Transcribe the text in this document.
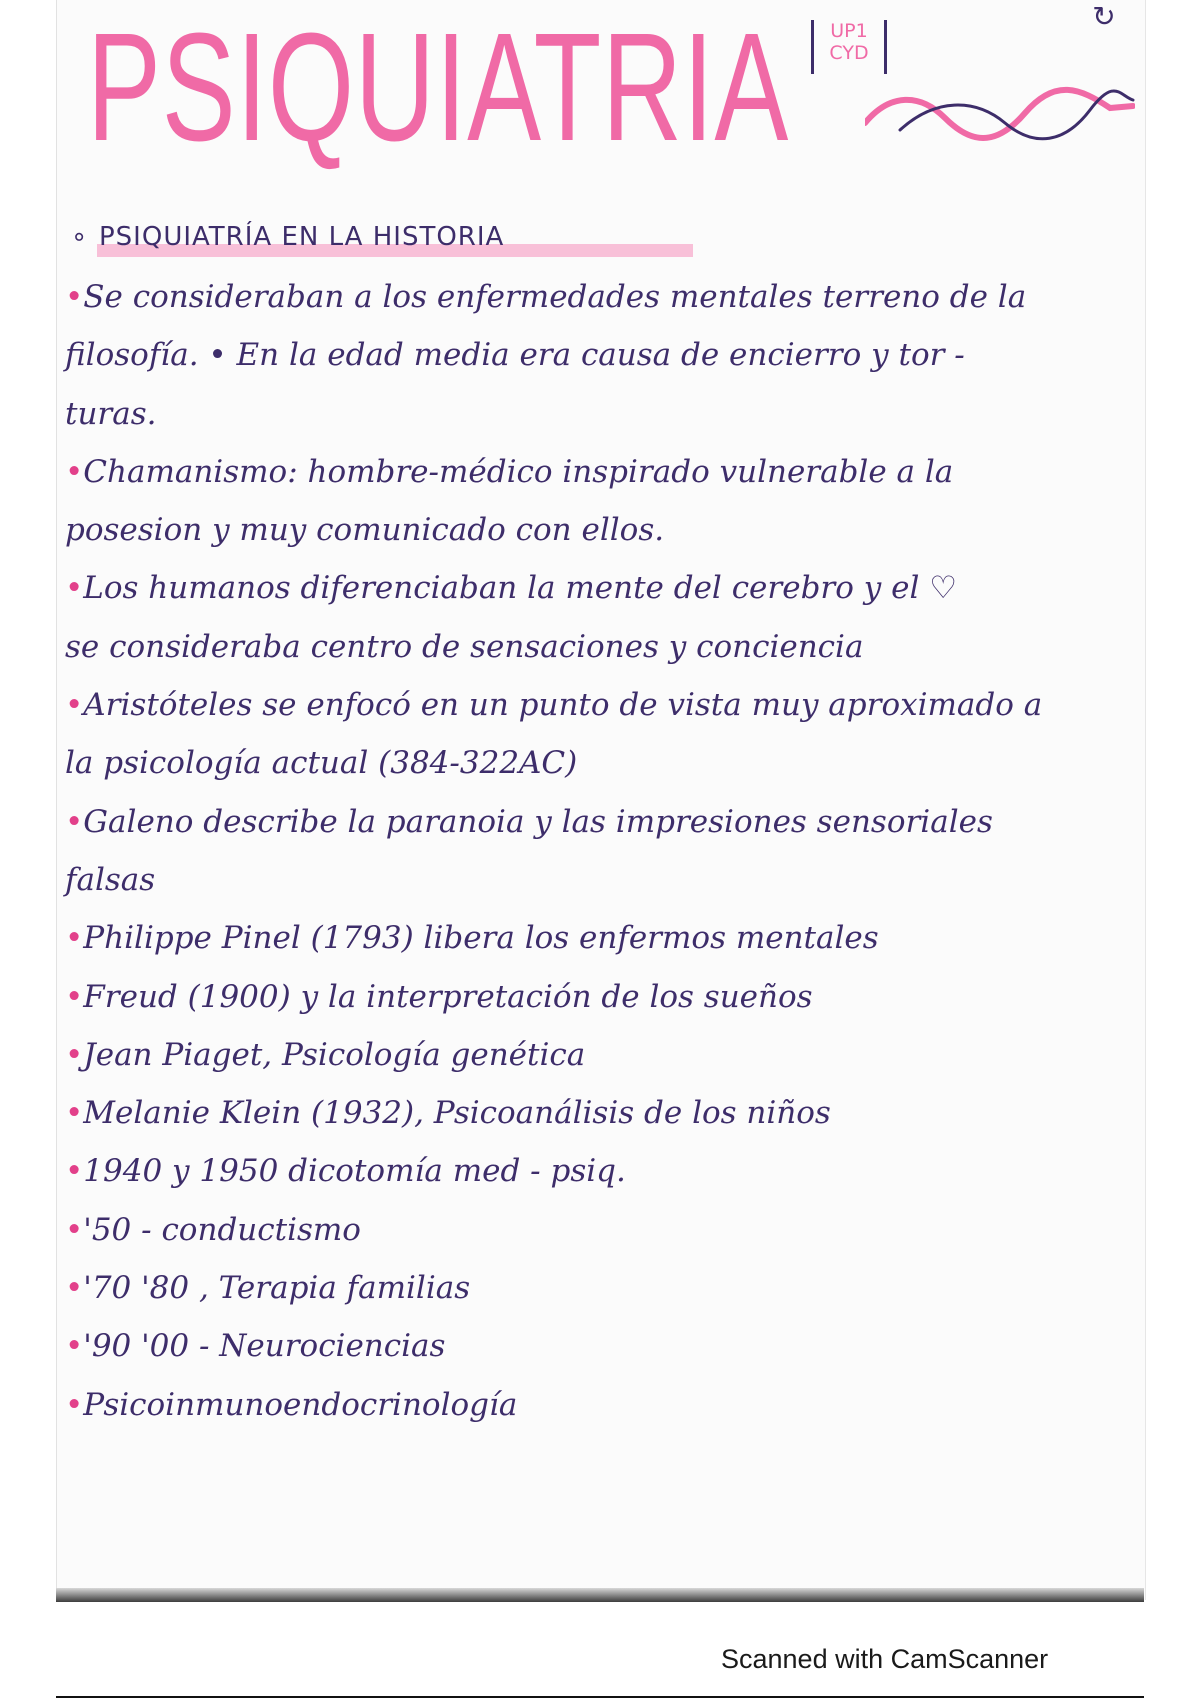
PSIQUIATRIA	UP1
CYD
↻
∘ PSIQUIATRÍA EN LA HISTORIA
•Se consideraban a los enfermedades mentales terreno de la
filosofía. • En la edad media era causa de encierro y tor -
turas.
•Chamanismo: hombre-médico inspirado vulnerable a la
posesion y muy comunicado con ellos.
•Los humanos diferenciaban la mente del cerebro y el ♡
se consideraba centro de sensaciones y conciencia
•Aristóteles se enfocó en un punto de vista muy aproximado a
la psicología actual (384-322AC)
•Galeno describe la paranoia y las impresiones sensoriales
falsas
•Philippe Pinel (1793) libera los enfermos mentales
•Freud (1900) y la interpretación de los sueños
•Jean Piaget, Psicología genética
•Melanie Klein (1932), Psicoanálisis de los niños
•1940 y 1950 dicotomía med - psiq.
•'50 - conductismo
•'70 '80 , Terapia familias
•'90 '00 - Neurociencias
•Psicoinmunoendocrinología
Scanned with CamScanner
